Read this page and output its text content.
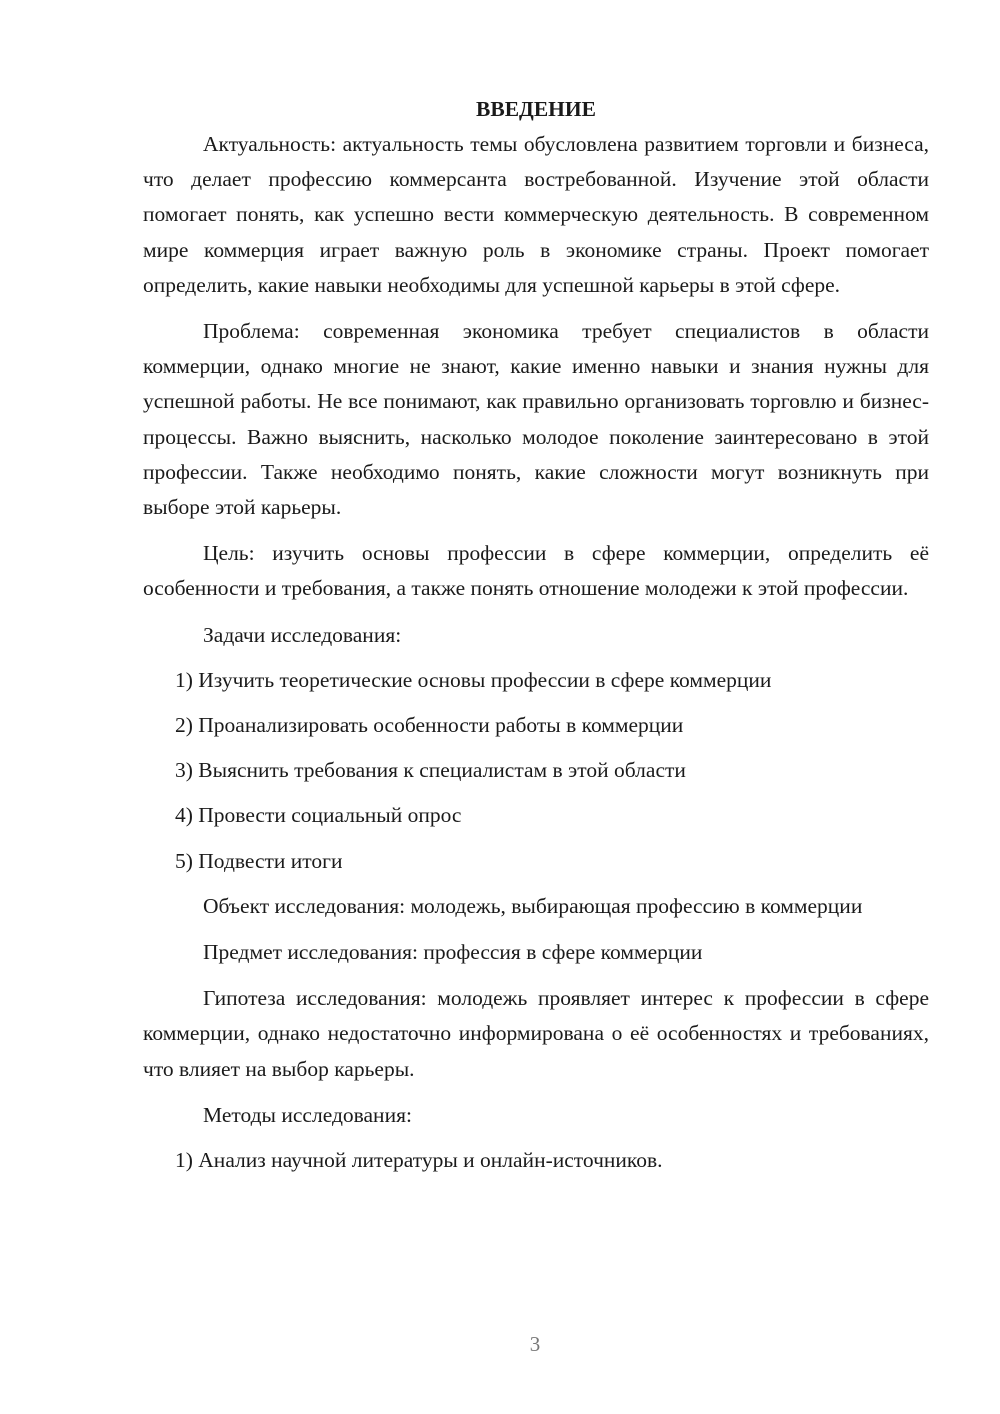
ВВЕДЕНИЕ

Актуальность: актуальность темы обусловлена развитием торговли и бизнеса, что делает профессию коммерсанта востребованной. Изучение этой области помогает понять, как успешно вести коммерческую деятельность. В современном мире коммерция играет важную роль в экономике страны. Проект помогает определить, какие навыки необходимы для успешной карьеры в этой сфере.

Проблема: современная экономика требует специалистов в области коммерции, однако многие не знают, какие именно навыки и знания нужны для успешной работы. Не все понимают, как правильно организовать торговлю и бизнес-процессы. Важно выяснить, насколько молодое поколение заинтересовано в этой профессии. Также необходимо понять, какие сложности могут возникнуть при выборе этой карьеры.

Цель: изучить основы профессии в сфере коммерции, определить её особенности и требования, а также понять отношение молодежи к этой профессии.

Задачи исследования:

1) Изучить теоретические основы профессии в сфере коммерции
2) Проанализировать особенности работы в коммерции
3) Выяснить требования к специалистам в этой области
4) Провести социальный опрос
5) Подвести итоги

Объект исследования: молодежь, выбирающая профессию в коммерции

Предмет исследования: профессия в сфере коммерции

Гипотеза исследования: молодежь проявляет интерес к профессии в сфере коммерции, однако недостаточно информирована о её особенностях и требованиях, что влияет на выбор карьеры.

Методы исследования:

1) Анализ научной литературы и онлайн-источников.
3
